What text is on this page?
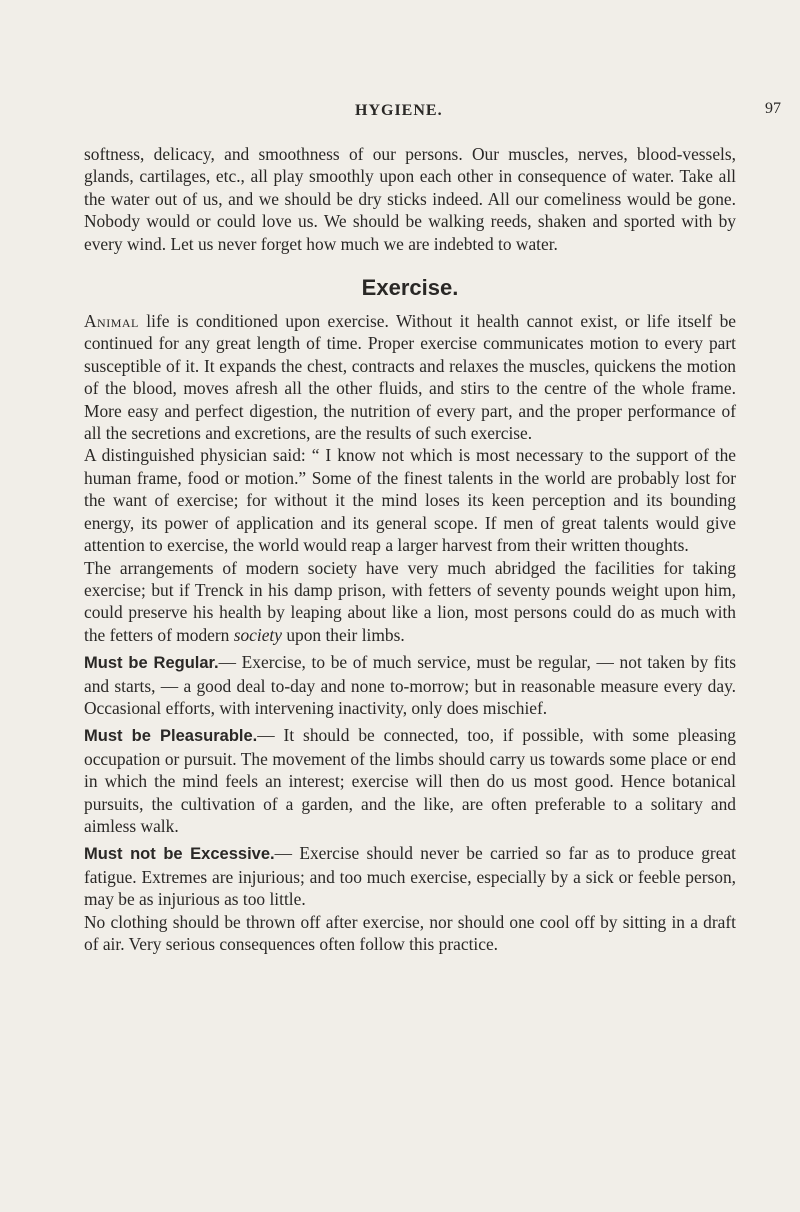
HYGIENE.	97

softness, delicacy, and smoothness of our persons. Our muscles, nerves, blood-vessels, glands, cartilages, etc., all play smoothly upon each other in consequence of water. Take all the water out of us, and we should be dry sticks indeed. All our comeliness would be gone. Nobody would or could love us. We should be walking reeds, shaken and sported with by every wind. Let us never forget how much we are indebted to water.

Exercise.

Animal life is conditioned upon exercise. Without it health cannot exist, or life itself be continued for any great length of time. Proper exercise communicates motion to every part susceptible of it. It expands the chest, contracts and relaxes the muscles, quickens the motion of the blood, moves afresh all the other fluids, and stirs to the centre of the whole frame. More easy and perfect digestion, the nutrition of every part, and the proper performance of all the secretions and excretions, are the results of such exercise.

A distinguished physician said: “ I know not which is most necessary to the support of the human frame, food or motion.” Some of the finest talents in the world are probably lost for the want of exercise; for without it the mind loses its keen perception and its bounding energy, its power of application and its general scope. If men of great talents would give attention to exercise, the world would reap a larger harvest from their written thoughts.

The arrangements of modern society have very much abridged the facilities for taking exercise; but if Trenck in his damp prison, with fetters of seventy pounds weight upon him, could preserve his health by leaping about like a lion, most persons could do as much with the fetters of modern society upon their limbs.

Must be Regular.— Exercise, to be of much service, must be regular, — not taken by fits and starts, — a good deal to-day and none to-morrow; but in reasonable measure every day. Occasional efforts, with intervening inactivity, only does mischief.

Must be Pleasurable.— It should be connected, too, if possible, with some pleasing occupation or pursuit. The movement of the limbs should carry us towards some place or end in which the mind feels an interest; exercise will then do us most good. Hence botanical pursuits, the cultivation of a garden, and the like, are often preferable to a solitary and aimless walk.

Must not be Excessive.— Exercise should never be carried so far as to produce great fatigue. Extremes are injurious; and too much exercise, especially by a sick or feeble person, may be as injurious as too little.

No clothing should be thrown off after exercise, nor should one cool off by sitting in a draft of air. Very serious consequences often follow this practice.
